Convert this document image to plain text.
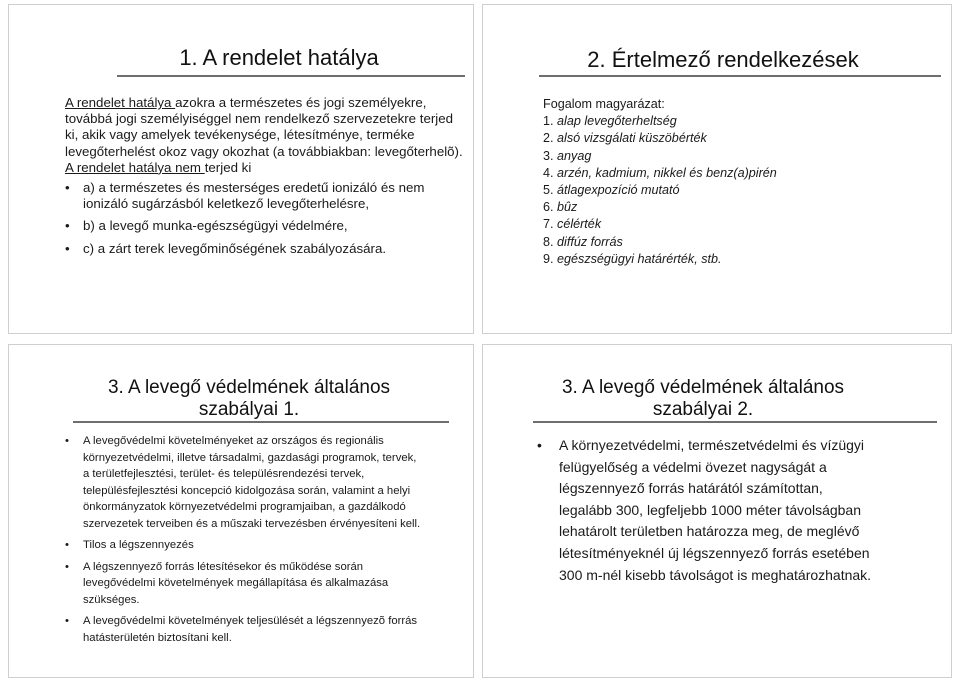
1. A rendelet hatálya
A rendelet hatálya azokra a természetes és jogi személyekre, továbbá jogi személyiséggel nem rendelkező szervezetekre terjed ki, akik vagy amelyek tevékenysége, létesítménye, terméke levegőterhelést okoz vagy okozhat (a továbbiakban: levegőterhelõ).
A rendelet hatálya nem terjed ki
• a) a természetes és mesterséges eredetű ionizáló és nem ionizáló sugárzásból keletkező levegőterhelésre,
• b) a levegő munka-egészségügyi védelmére,
• c) a zárt terek levegőminőségének szabályozására.
2. Értelmező rendelkezések
Fogalom magyarázat:
1. alap levegőterheltség
2. alsó vizsgálati küszöbérték
3. anyag
4. arzén, kadmium, nikkel és benz(a)pirén
5. átlagexpozíció mutató
6. bûz
7. célérték
8. diffúz forrás
9. egészségügyi határérték, stb.
3. A levegő védelmének általános
szabályai 1.
• A levegővédelmi követelményeket az országos és regionális környezetvédelmi, illetve társadalmi, gazdasági programok, tervek, a területfejlesztési, terület- és településrendezési tervek, településfejlesztési koncepció kidolgozása során, valamint a helyi önkormányzatok környezetvédelmi programjaiban, a gazdálkodó szervezetek terveiben és a műszaki tervezésben érvényesíteni kell.
• Tilos a légszennyezés
• A légszennyező forrás létesítésekor és működése során levegővédelmi követelmények megállapítása és alkalmazása szükséges.
• A levegővédelmi követelmények teljesülését a légszennyezõ forrás hatásterületén biztosítani kell.
3. A levegő védelmének általános
szabályai 2.
• A környezetvédelmi, természetvédelmi és vízügyi felügyelőség a védelmi övezet nagyságát a légszennyező forrás határától számítottan, legalább 300, legfeljebb 1000 méter távolságban lehatárolt területben határozza meg, de meglévő létesítményeknél új légszennyező forrás esetében 300 m-nél kisebb távolságot is meghatározhatnak.
